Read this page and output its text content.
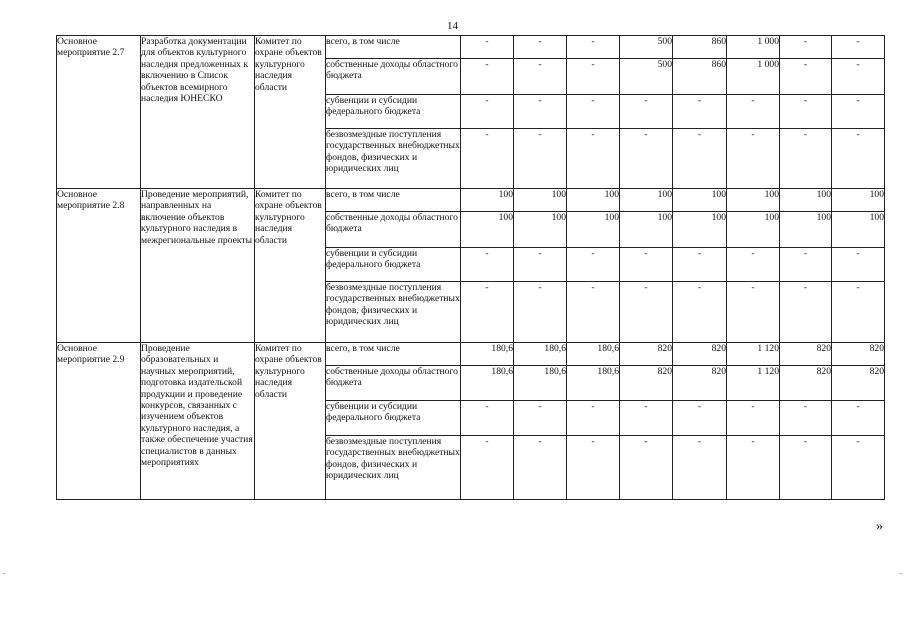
14
Основное мероприятие 2.7	Разработка документации для объектов культурного наследия предложенных к включению в Список объектов всемирного наследия ЮНЕСКО	Комитет по охране объектов культурного наследия области	всего, в том числе	-	-	-	500	860	1 000	-	-
			собственные доходы областного бюджета	-	-	-	500	860	1 000	-	-
			субвенции и субсидии федерального бюджета	-	-	-	-	-	-	-	-
			безвозмездные поступления государственных внебюджетных фондов, физических и юридических лиц	-	-	-	-	-	-	-	-
Основное мероприятие 2.8	Проведение мероприятий, направленных на включение объектов культурного наследия в межрегиональные проекты	Комитет по охране объектов культурного наследия области	всего, в том числе	100	100	100	100	100	100	100	100
			собственные доходы областного бюджета	100	100	100	100	100	100	100	100
			субвенции и субсидии федерального бюджета	-	-	-	-	-	-	-	-
			безвозмездные поступления государственных внебюджетных фондов, физических и юридических лиц	-	-	-	-	-	-	-	-
Основное мероприятие 2.9	Проведение образовательных и научных мероприятий, подготовка издательской продукции и проведение конкурсов, связанных с изучением объектов культурного наследия, а также обеспечение участия специалистов в данных мероприятиях	Комитет по охране объектов культурного наследия области	всего, в том числе	180,6	180,6	180,6	820	820	1 120	820	820
			собственные доходы областного бюджета	180,6	180,6	180,6	820	820	1 120	820	820
			субвенции и субсидии федерального бюджета	-	-	-	-	-	-	-	-
			безвозмездные поступления государственных внебюджетных фондов, физических и юридических лиц	-	-	-	-	-	-	-	-
»
-	-
